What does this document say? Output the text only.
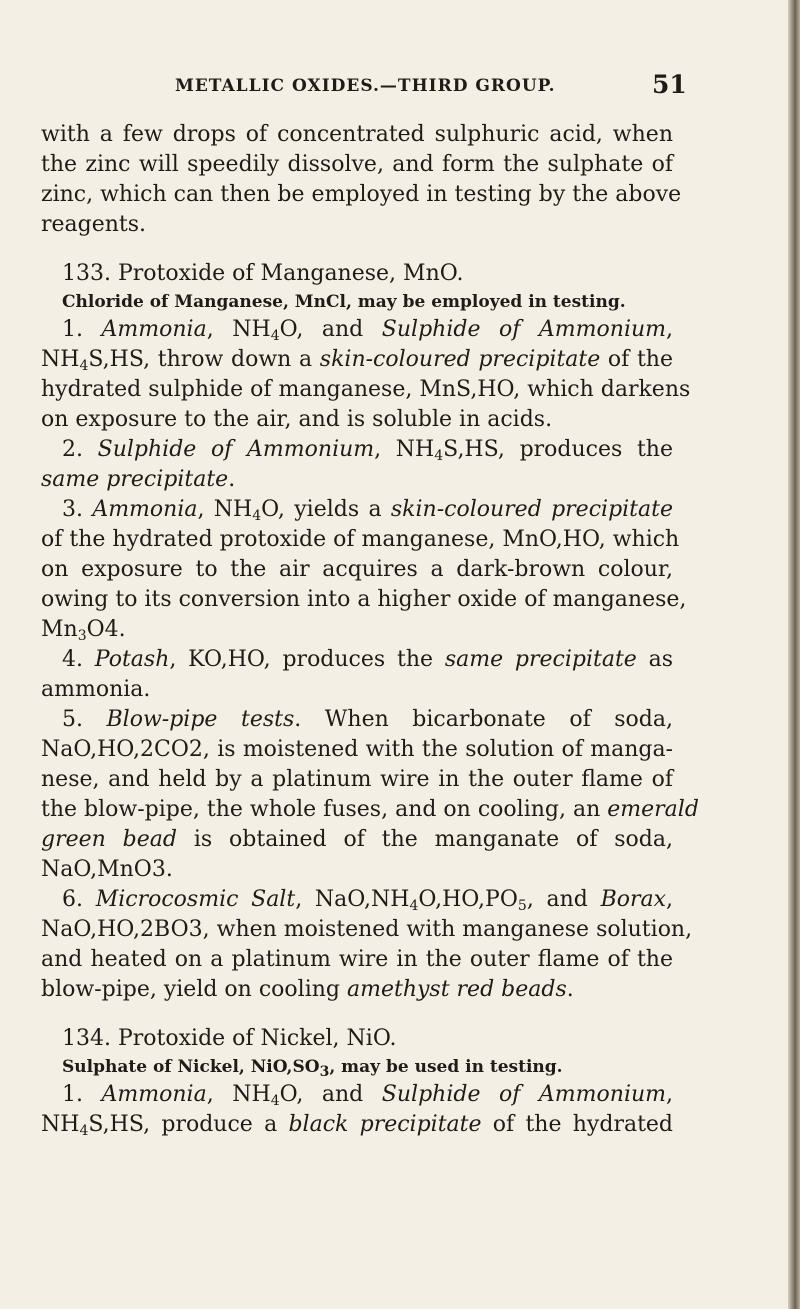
METALLIC OXIDES.—THIRD GROUP.	51
with a few drops of concentrated sulphuric acid, when
the zinc will speedily dissolve, and form the sulphate of
zinc, which can then be employed in testing by the above
reagents.
133. Protoxide of Manganese, MnO.
Chloride of Manganese, MnCl, may be employed in testing.
1. Ammonia, $NH_4O$, and Sulphide of Ammonium,
$NH_4S,HS$, throw down a skin-coloured precipitate of the
hydrated sulphide of manganese, MnS,HO, which darkens
on exposure to the air, and is soluble in acids.
2. Sulphide of Ammonium, $NH_4S,HS$, produces the
same precipitate.
3. Ammonia, $NH_4O$, yields a skin-coloured precipitate
of the hydrated protoxide of manganese, MnO,HO, which
on exposure to the air acquires a dark-brown colour,
owing to its conversion into a higher oxide of manganese,
$Mn_3O4$.
4. Potash, KO,HO, produces the same precipitate as
ammonia.
5. Blow-pipe tests. When bicarbonate of soda,
NaO,HO,2CO2, is moistened with the solution of manga-
nese, and held by a platinum wire in the outer flame of
the blow-pipe, the whole fuses, and on cooling, an emerald
green bead is obtained of the manganate of soda,
NaO,MnO3.
6. Microcosmic Salt, $NaO,NH_4O,HO,PO_5$, and Borax,
NaO,HO,2BO3, when moistened with manganese solution,
and heated on a platinum wire in the outer flame of the
blow-pipe, yield on cooling amethyst red beads.
134. Protoxide of Nickel, NiO.
Sulphate of Nickel, $NiO,SO_3$, may be used in testing.
1. Ammonia, $NH_4O$, and Sulphide of Ammonium,
$NH_4S,HS$, produce a black precipitate of the hydrated
